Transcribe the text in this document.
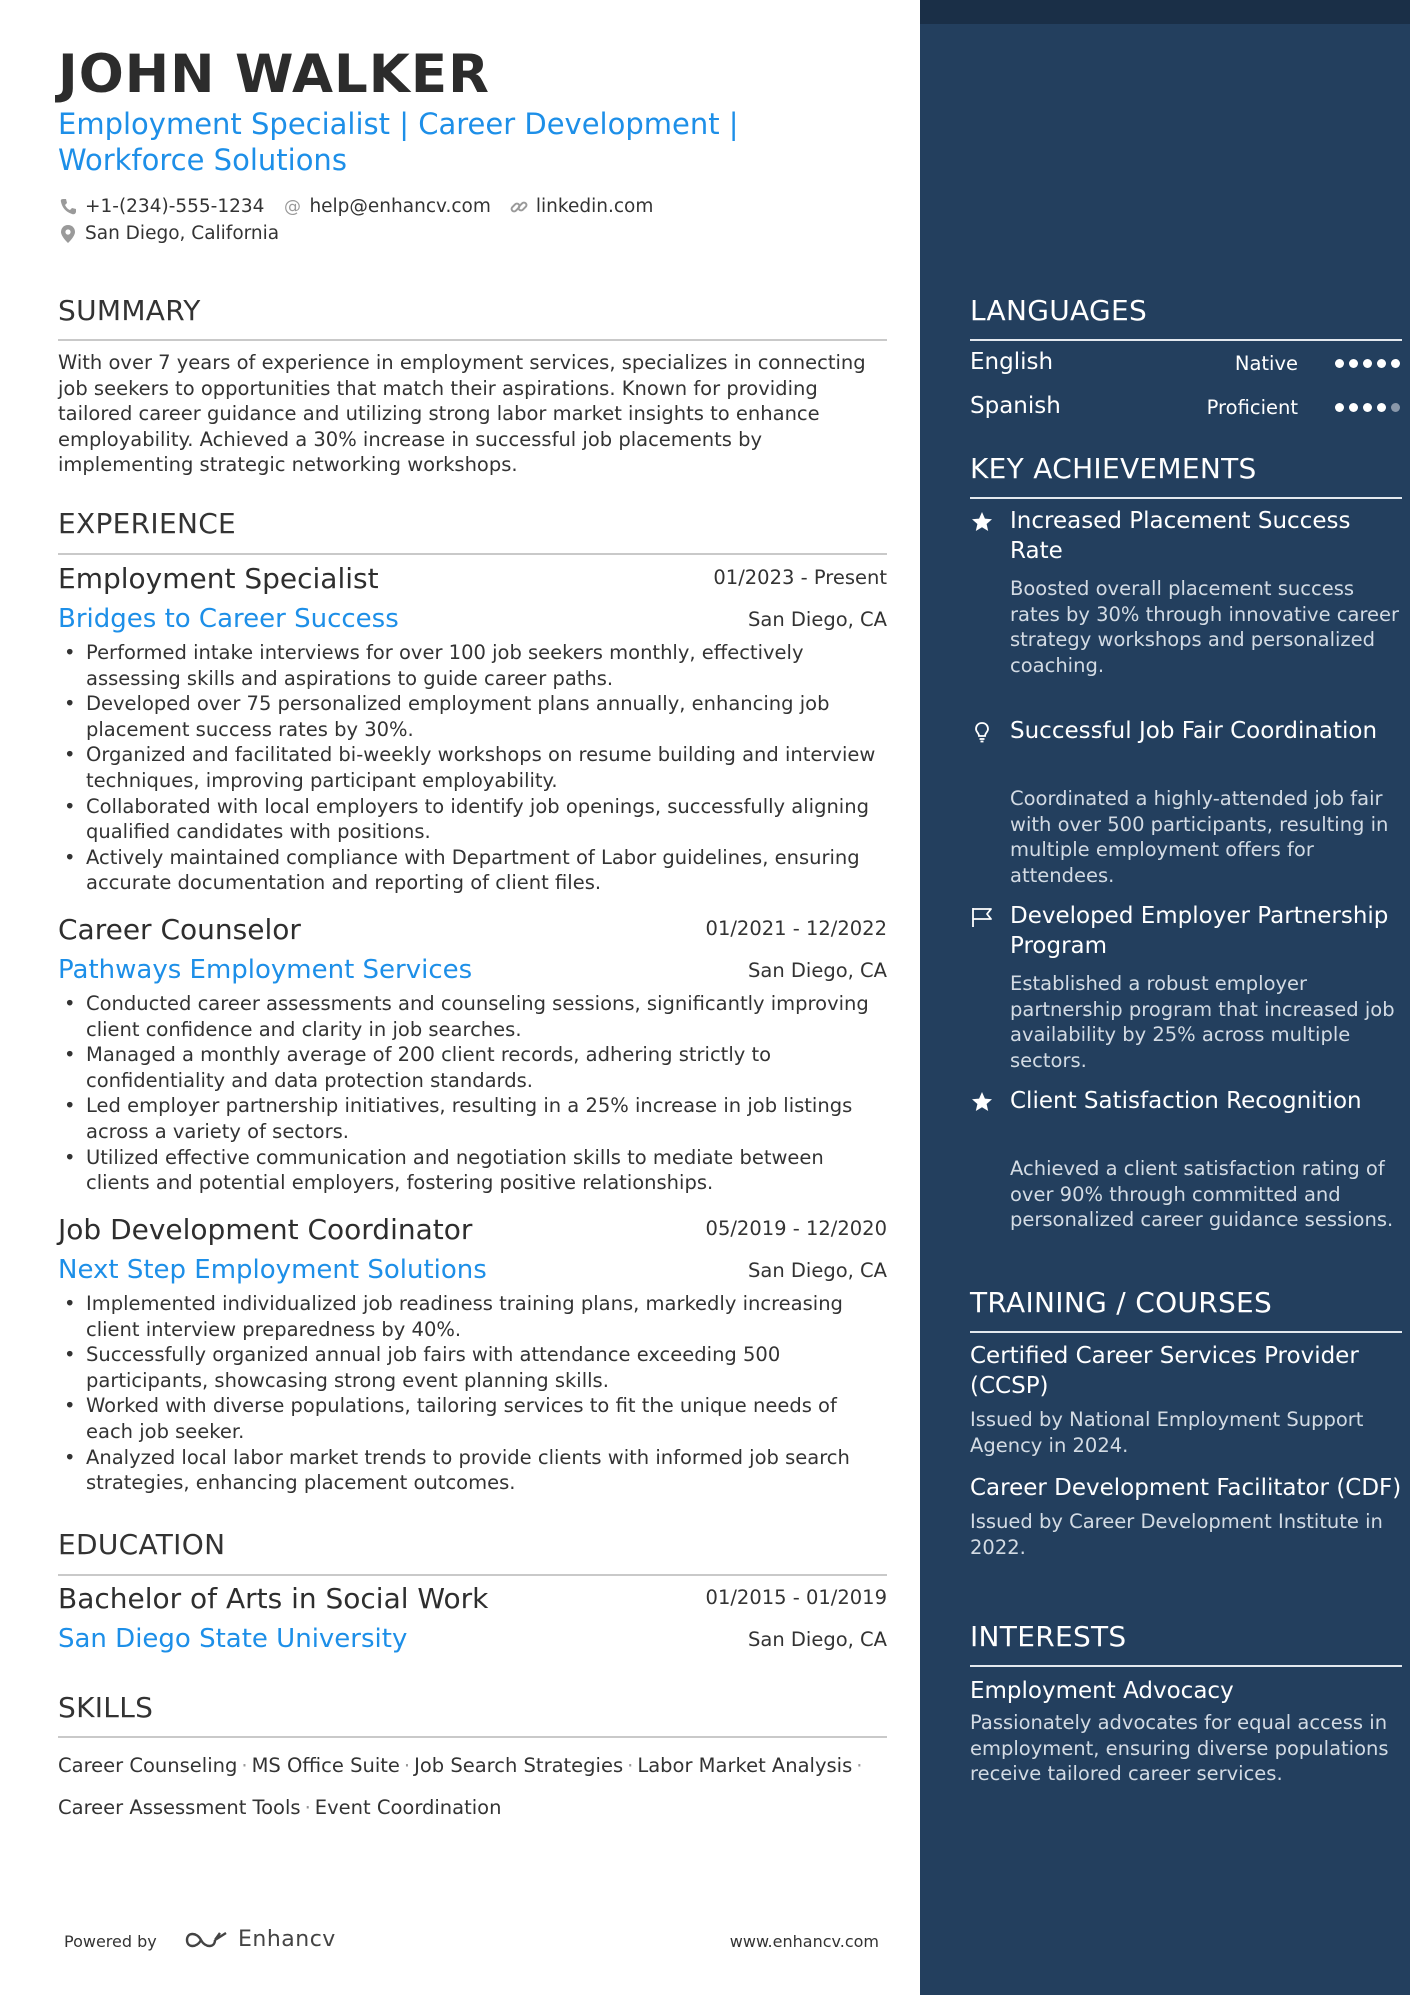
JOHN WALKER
Employment Specialist | Career Development | Workforce Solutions
+1-(234)-555-1234 @ help@enhancv.com linkedin.com
San Diego, California
SUMMARY
With over 7 years of experience in employment services, specializes in connecting job seekers to opportunities that match their aspirations. Known for providing tailored career guidance and utilizing strong labor market insights to enhance employability. Achieved a 30% increase in successful job placements by implementing strategic networking workshops.
EXPERIENCE
Employment Specialist	01/2023 - Present
Bridges to Career Success	San Diego, CA
• Performed intake interviews for over 100 job seekers monthly, effectively assessing skills and aspirations to guide career paths.
• Developed over 75 personalized employment plans annually, enhancing job placement success rates by 30%.
• Organized and facilitated bi-weekly workshops on resume building and interview techniques, improving participant employability.
• Collaborated with local employers to identify job openings, successfully aligning qualified candidates with positions.
• Actively maintained compliance with Department of Labor guidelines, ensuring accurate documentation and reporting of client files.
Career Counselor	01/2021 - 12/2022
Pathways Employment Services	San Diego, CA
• Conducted career assessments and counseling sessions, significantly improving client confidence and clarity in job searches.
• Managed a monthly average of 200 client records, adhering strictly to confidentiality and data protection standards.
• Led employer partnership initiatives, resulting in a 25% increase in job listings across a variety of sectors.
• Utilized effective communication and negotiation skills to mediate between clients and potential employers, fostering positive relationships.
Job Development Coordinator	05/2019 - 12/2020
Next Step Employment Solutions	San Diego, CA
• Implemented individualized job readiness training plans, markedly increasing client interview preparedness by 40%.
• Successfully organized annual job fairs with attendance exceeding 500 participants, showcasing strong event planning skills.
• Worked with diverse populations, tailoring services to fit the unique needs of each job seeker.
• Analyzed local labor market trends to provide clients with informed job search strategies, enhancing placement outcomes.
EDUCATION
Bachelor of Arts in Social Work	01/2015 - 01/2019
San Diego State University	San Diego, CA
SKILLS
Career Counseling · MS Office Suite · Job Search Strategies · Labor Market Analysis ·
Career Assessment Tools · Event Coordination
Powered by	Enhancv	www.enhancv.com
LANGUAGES
English	Native
Spanish	Proficient
KEY ACHIEVEMENTS
Increased Placement Success Rate
Boosted overall placement success rates by 30% through innovative career strategy workshops and personalized coaching.
Successful Job Fair Coordination
Coordinated a highly-attended job fair with over 500 participants, resulting in multiple employment offers for attendees.
Developed Employer Partnership Program
Established a robust employer partnership program that increased job availability by 25% across multiple sectors.
Client Satisfaction Recognition
Achieved a client satisfaction rating of over 90% through committed and personalized career guidance sessions.
TRAINING / COURSES
Certified Career Services Provider (CCSP)
Issued by National Employment Support Agency in 2024.
Career Development Facilitator (CDF)
Issued by Career Development Institute in 2022.
INTERESTS
Employment Advocacy
Passionately advocates for equal access in employment, ensuring diverse populations receive tailored career services.
